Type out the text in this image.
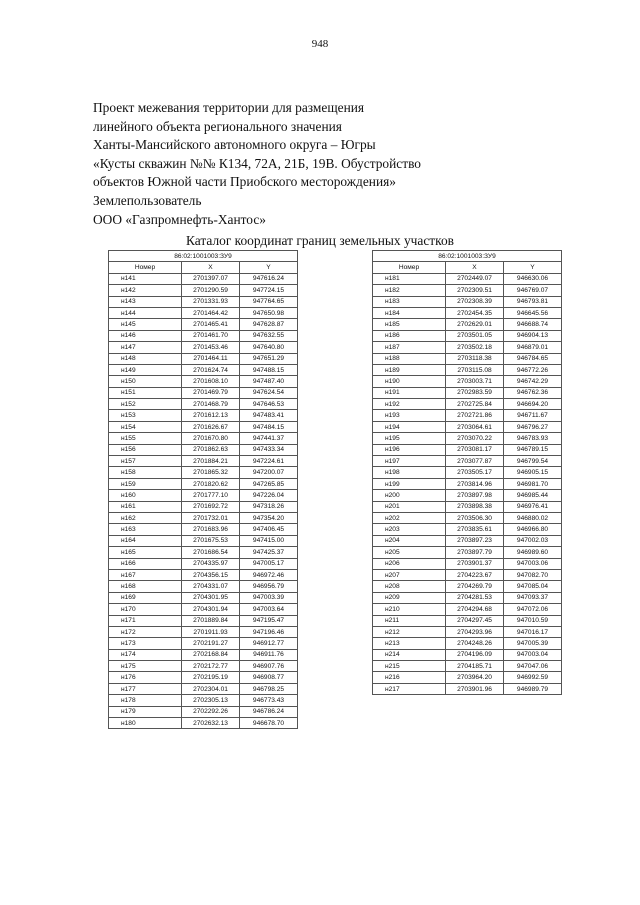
948
Проект межевания территории для размещения
линейного объекта регионального значения
Ханты-Мансийского автономного округа – Югры
«Кусты скважин №№ К134, 72А, 21Б, 19В. Обустройство
объектов Южной части Приобского месторождения»
Землепользователь
ООО «Газпромнефть-Хантос»
Каталог координат границ земельных участков
86:02:1001003:ЗУ9		
Номер	X	Y
н141	2701397.07	947616.24
н142	2701290.59	947724.15
н143	2701331.93	947764.65
н144	2701464.42	947650.98
н145	2701465.41	947628.87
н146	2701461.70	947632.55
н147	2701453.46	947640.80
н148	2701464.11	947651.29
н149	2701624.74	947488.15
н150	2701608.10	947487.40
н151	2701469.79	947624.54
н152	2701468.79	947646.53
н153	2701612.13	947483.41
н154	2701626.67	947484.15
н155	2701670.80	947441.37
н156	2701862.63	947433.34
н157	2701884.21	947224.61
н158	2701865.32	947200.07
н159	2701820.62	947265.85
н160	2701777.10	947226.04
н161	2701692.72	947318.26
н162	2701732.01	947354.20
н163	2701683.96	947406.45
н164	2701675.53	947415.00
н165	2701686.54	947425.37
н166	2704335.97	947005.17
н167	2704356.15	946972.46
н168	2704331.07	946956.79
н169	2704301.95	947003.39
н170	2704301.94	947003.64
н171	2701889.84	947195.47
н172	2701911.93	947196.46
н173	2702191.27	946912.77
н174	2702168.84	946911.76
н175	2702172.77	946907.76
н176	2702195.19	946908.77
н177	2702304.01	946798.25
н178	2702305.13	946773.43
н179	2702292.26	946786.24
н180	2702632.13	946678.70
86:02:1001003:ЗУ9		
Номер	X	Y
н181	2702449.07	946630.06
н182	2702309.51	946769.07
н183	2702308.39	946793.81
н184	2702454.35	946645.56
н185	2702629.01	946688.74
н186	2703501.05	946904.13
н187	2703502.18	946879.01
н188	2703118.38	946784.65
н189	2703115.08	946772.26
н190	2703003.71	946742.29
н191	2702983.59	946762.36
н192	2702725.84	946694.20
н193	2702721.86	946711.67
н194	2703064.61	946796.27
н195	2703070.22	946783.93
н196	2703081.17	946789.15
н197	2703077.87	946799.54
н198	2703505.17	946905.15
н199	2703814.96	946981.70
н200	2703897.98	946985.44
н201	2703898.38	946976.41
н202	2703506.30	946880.02
н203	2703835.61	946966.80
н204	2703897.23	947002.03
н205	2703897.79	946989.60
н206	2703901.37	947003.06
н207	2704223.67	947082.70
н208	2704269.79	947085.04
н209	2704281.53	947093.37
н210	2704294.68	947072.06
н211	2704297.45	947010.59
н212	2704293.96	947016.17
н213	2704248.26	947005.39
н214	2704196.09	947003.04
н215	2704185.71	947047.06
н216	2703964.20	946992.59
н217	2703901.96	946989.79
